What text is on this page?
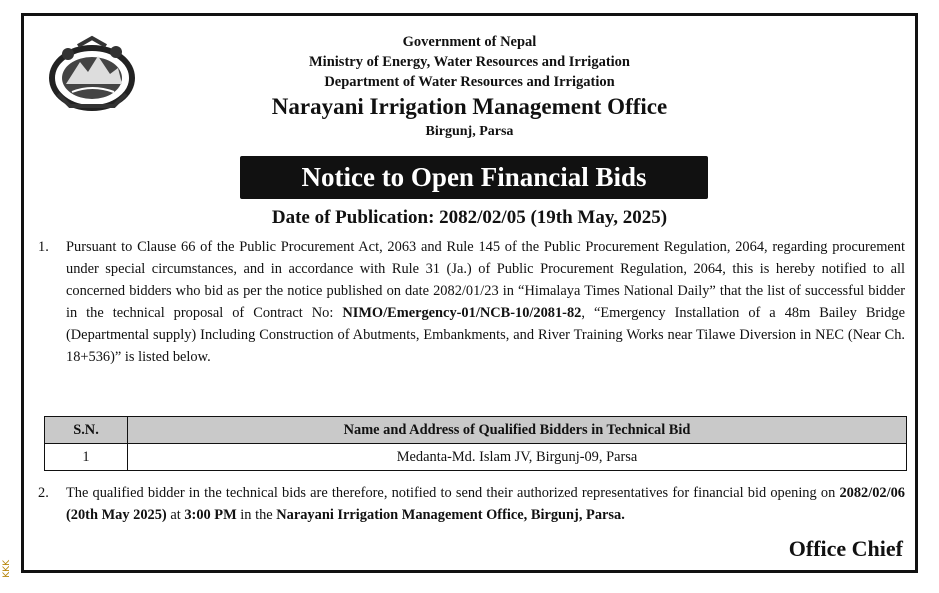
Government of Nepal
Ministry of Energy, Water Resources and Irrigation
Department of Water Resources and Irrigation
Narayani Irrigation Management Office
Birgunj, Parsa
Notice to Open Financial Bids
Date of Publication: 2082/02/05 (19th May, 2025)
1. Pursuant to Clause 66 of the Public Procurement Act, 2063 and Rule 145 of the Public Procurement Regulation, 2064, regarding procurement under special circumstances, and in accordance with Rule 31 (Ja.) of Public Procurement Regulation, 2064, this is hereby notified to all concerned bidders who bid as per the notice published on date 2082/01/23 in “Himalaya Times National Daily” that the list of successful bidder in the technical proposal of Contract No: NIMO/Emergency-01/NCB-10/2081-82, “Emergency Installation of a 48m Bailey Bridge (Departmental supply) Including Construction of Abutments, Embankments, and River Training Works near Tilawe Diversion in NEC (Near Ch. 18+536)” is listed below.
S.N.	Name and Address of Qualified Bidders in Technical Bid
1	Medanta-Md. Islam JV, Birgunj-09, Parsa
2. The qualified bidder in the technical bids are therefore, notified to send their authorized representatives for financial bid opening on 2082/02/06 (20th May 2025) at 3:00 PM in the Narayani Irrigation Management Office, Birgunj, Parsa.
Office Chief
KKK
